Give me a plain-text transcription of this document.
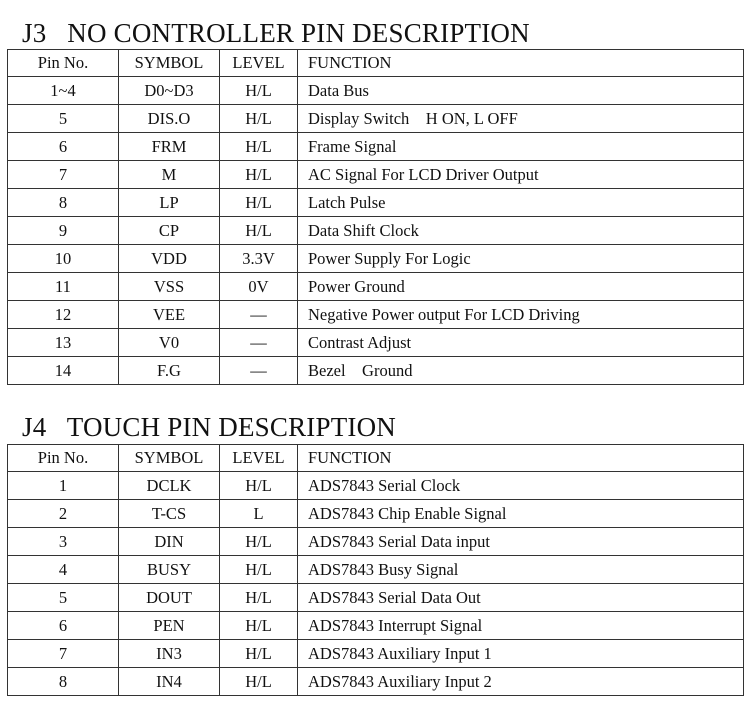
J3   NO CONTROLLER PIN DESCRIPTION
Pin No.	SYMBOL	LEVEL	FUNCTION
1~4	D0~D3	H/L	Data Bus
5	DIS.O	H/L	Display Switch    H ON, L OFF
6	FRM	H/L	Frame Signal
7	M	H/L	AC Signal For LCD Driver Output
8	LP	H/L	Latch Pulse
9	CP	H/L	Data Shift Clock
10	VDD	3.3V	Power Supply For Logic
11	VSS	0V	Power Ground
12	VEE	—	Negative Power output For LCD Driving
13	V0	—	Contrast Adjust
14	F.G	—	Bezel    Ground
J4   TOUCH PIN DESCRIPTION
Pin No.	SYMBOL	LEVEL	FUNCTION
1	DCLK	H/L	ADS7843 Serial Clock
2	T-CS	L	ADS7843 Chip Enable Signal
3	DIN	H/L	ADS7843 Serial Data input
4	BUSY	H/L	ADS7843 Busy Signal
5	DOUT	H/L	ADS7843 Serial Data Out
6	PEN	H/L	ADS7843 Interrupt Signal
7	IN3	H/L	ADS7843 Auxiliary Input 1
8	IN4	H/L	ADS7843 Auxiliary Input 2
